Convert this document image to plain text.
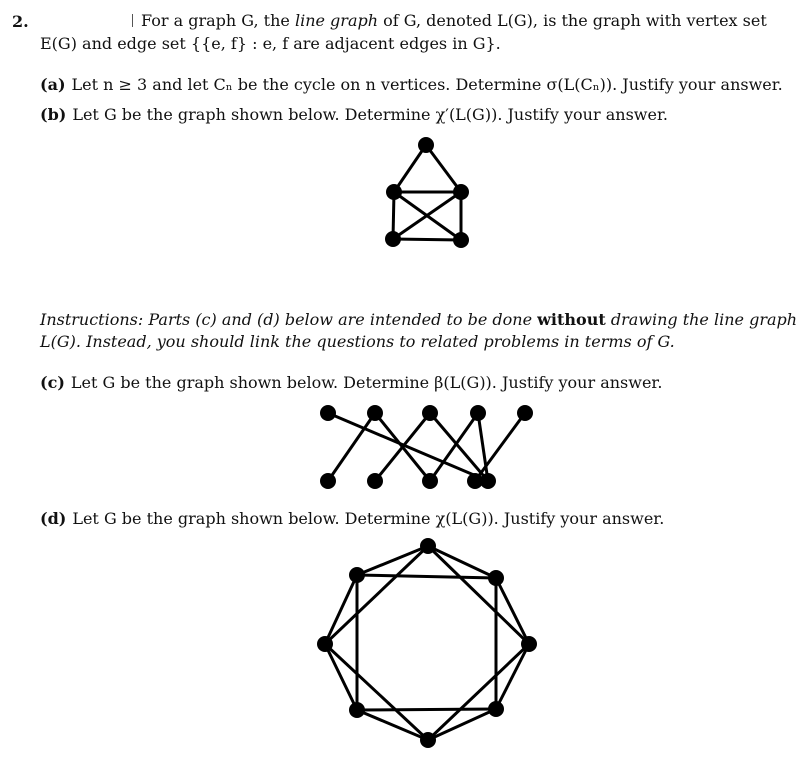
2.	For a graph G, the line graph of G, denoted L(G), is the graph with vertex set
E(G) and edge set {{e, f} : e, f are adjacent edges in G}.
(a) Let n ≥ 3 and let Cₙ be the cycle on n vertices. Determine σ(L(Cₙ)). Justify your answer.
(b) Let G be the graph shown below. Determine χ′(L(G)). Justify your answer.
Instructions: Parts (c) and (d) below are intended to be done without drawing the line graph
L(G). Instead, you should link the questions to related problems in terms of G.
(c) Let G be the graph shown below. Determine β(L(G)). Justify your answer.
(d) Let G be the graph shown below. Determine χ(L(G)). Justify your answer.
